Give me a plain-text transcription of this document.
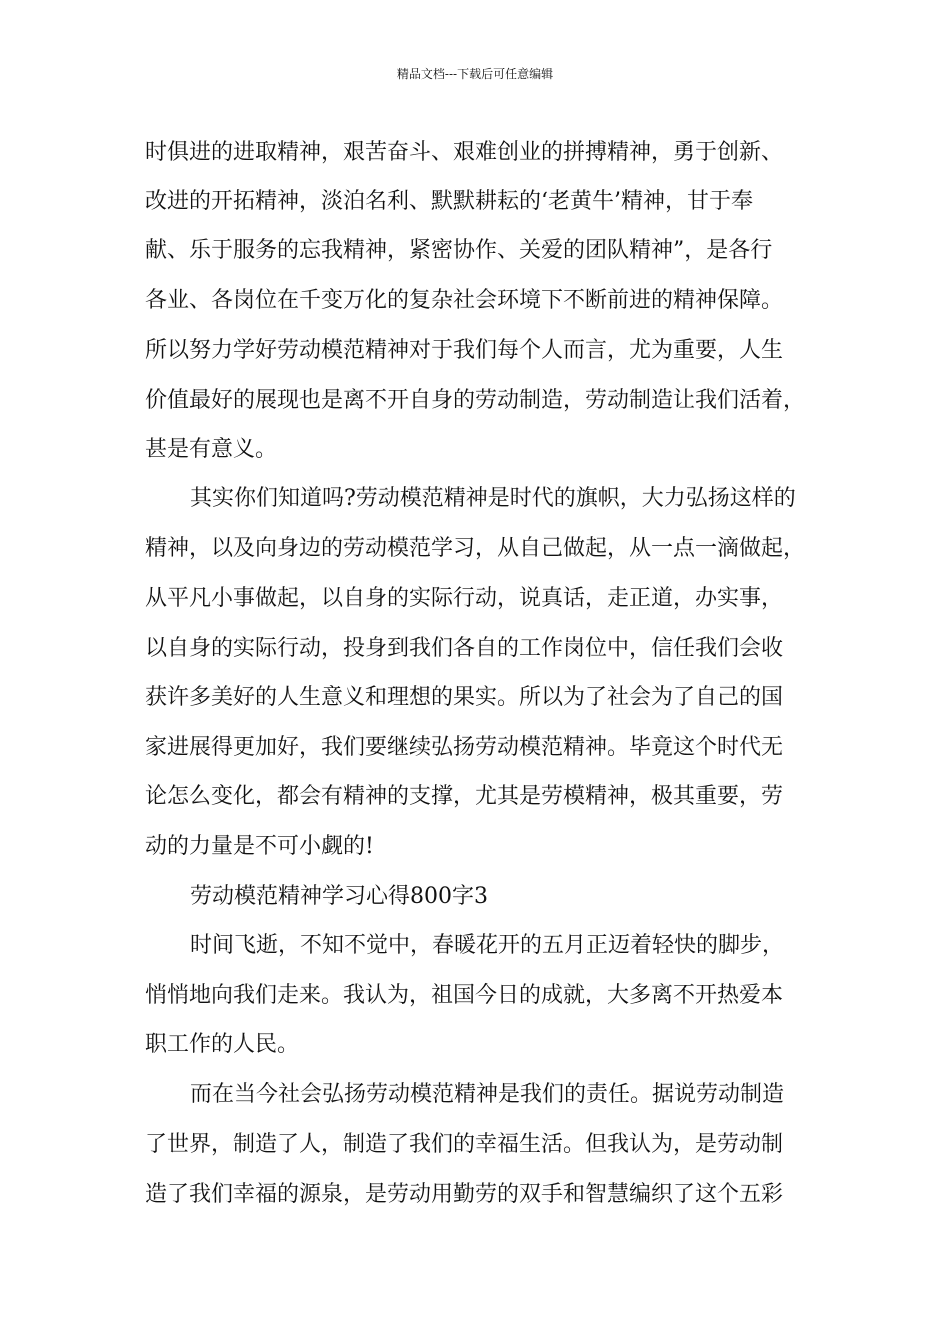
精品文档---下载后可任意编辑
时俱进的进取精神，艰苦奋斗、艰难创业的拼搏精神，勇于创新、
改进的开拓精神，淡泊名利、默默耕耘的‘老黄牛’精神，甘于奉
献、乐于服务的忘我精神，紧密协作、关爱的团队精神”，是各行
各业、各岗位在千变万化的复杂社会环境下不断前进的精神保障。
所以努力学好劳动模范精神对于我们每个人而言，尤为重要，人生
价值最好的展现也是离不开自身的劳动制造，劳动制造让我们活着，
甚是有意义。
其实你们知道吗?劳动模范精神是时代的旗帜，大力弘扬这样的
精神，以及向身边的劳动模范学习，从自己做起，从一点一滴做起，
从平凡小事做起，以自身的实际行动，说真话，走正道，办实事，
以自身的实际行动，投身到我们各自的工作岗位中，信任我们会收
获许多美好的人生意义和理想的果实。所以为了社会为了自己的国
家进展得更加好，我们要继续弘扬劳动模范精神。毕竟这个时代无
论怎么变化，都会有精神的支撑，尤其是劳模精神，极其重要，劳
动的力量是不可小觑的!
劳动模范精神学习心得800字3
时间飞逝，不知不觉中，春暖花开的五月正迈着轻快的脚步，
悄悄地向我们走来。我认为，祖国今日的成就，大多离不开热爱本
职工作的人民。
而在当今社会弘扬劳动模范精神是我们的责任。据说劳动制造
了世界，制造了人，制造了我们的幸福生活。但我认为，是劳动制
造了我们幸福的源泉，是劳动用勤劳的双手和智慧编织了这个五彩
